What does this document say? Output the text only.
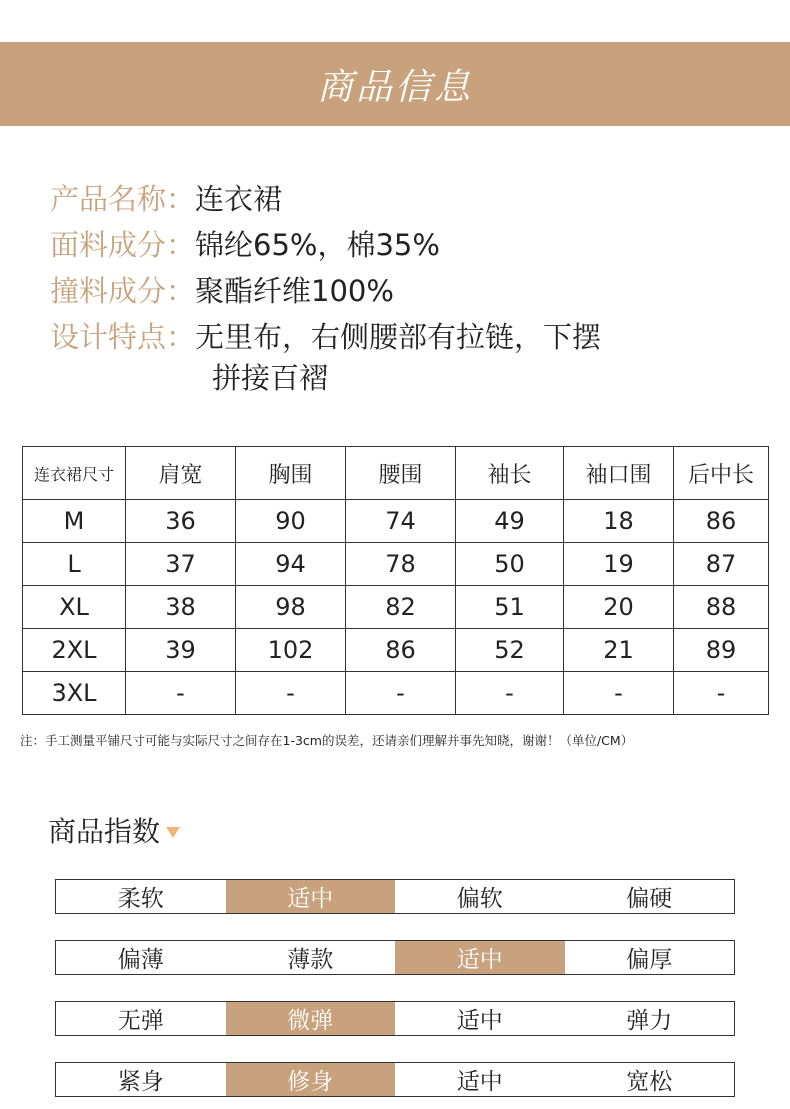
商品信息
产品名称： 连衣裙
面料成分： 锦纶65%，棉35%
撞料成分： 聚酯纤维100%
设计特点： 无里布，右侧腰部有拉链，下摆
拼接百褶
连衣裙尺寸	肩宽	胸围	腰围	袖长	袖口围	后中长
M	36	90	74	49	18	86
L	37	94	78	50	19	87
XL	38	98	82	51	20	88
2XL	39	102	86	52	21	89
3XL	-	-	-	-	-	-
注：手工测量平铺尺寸可能与实际尺寸之间存在1-3cm的误差，还请亲们理解并事先知晓，谢谢！（单位/CM）
商品指数
柔软	适中	偏软	偏硬
偏薄	薄款	适中	偏厚
无弹	微弹	适中	弹力
紧身	修身	适中	宽松
